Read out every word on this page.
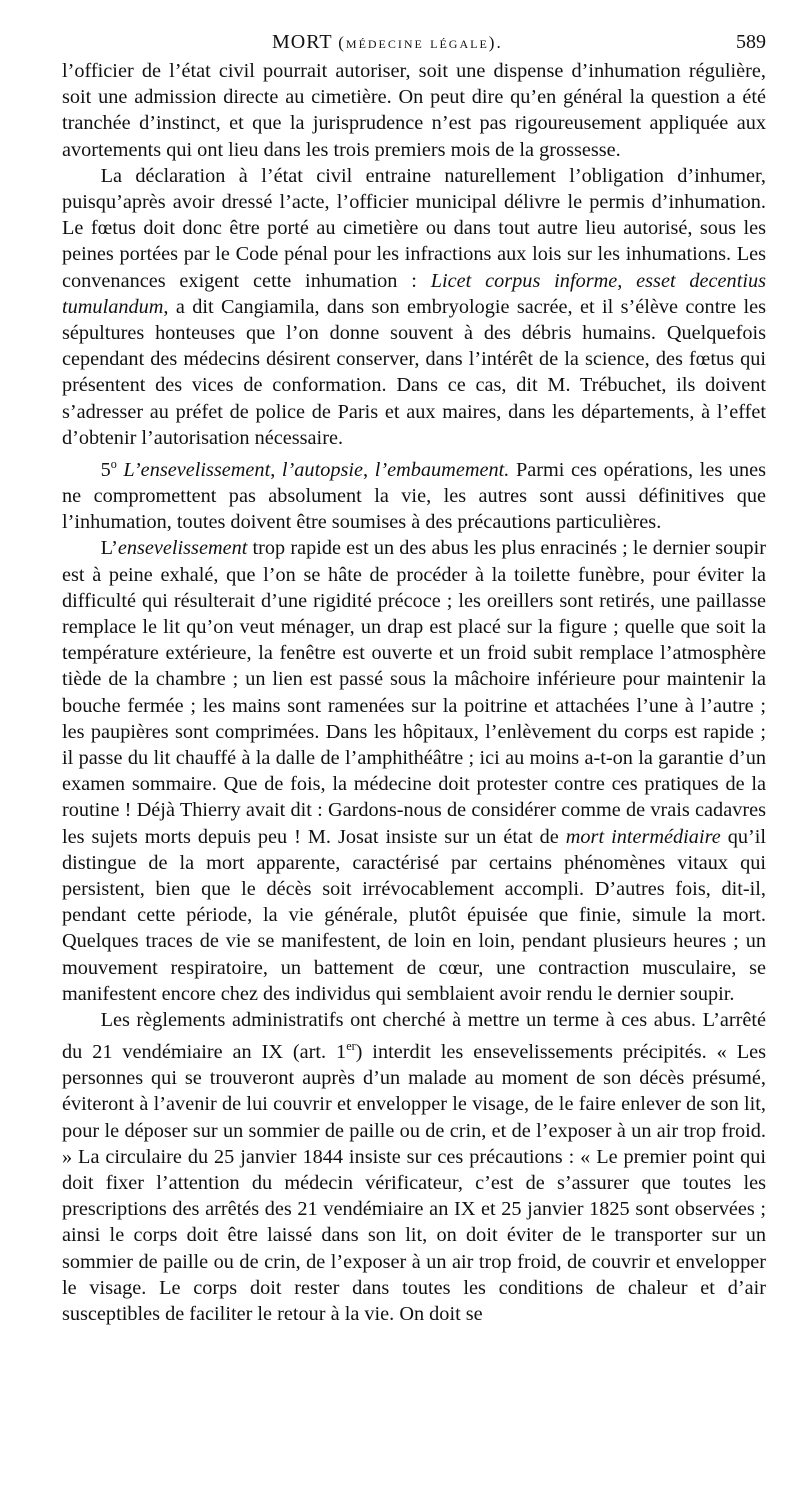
MORT (médecine légale).	589

l’officier de l’état civil pourrait autoriser, soit une dispense d’inhumation régulière, soit une admission directe au cimetière. On peut dire qu’en général la question a été tranchée d’instinct, et que la jurisprudence n’est pas rigoureusement appliquée aux avortements qui ont lieu dans les trois premiers mois de la grossesse.

La déclaration à l’état civil entraine naturellement l’obligation d’inhumer, puisqu’après avoir dressé l’acte, l’officier municipal délivre le permis d’inhumation. Le fœtus doit donc être porté au cimetière ou dans tout autre lieu autorisé, sous les peines portées par le Code pénal pour les infractions aux lois sur les inhumations. Les convenances exigent cette inhumation : Licet corpus informe, esset decentius tumulandum, a dit Cangiamila, dans son embryologie sacrée, et il s’élève contre les sépultures honteuses que l’on donne souvent à des débris humains. Quelquefois cependant des médecins désirent conserver, dans l’intérêt de la science, des fœtus qui présentent des vices de conformation. Dans ce cas, dit M. Trébuchet, ils doivent s’adresser au préfet de police de Paris et aux maires, dans les départements, à l’effet d’obtenir l’autorisation nécessaire.

5$^o$ L’ensevelissement, l’autopsie, l’embaumement. Parmi ces opérations, les unes ne compromettent pas absolument la vie, les autres sont aussi définitives que l’inhumation, toutes doivent être soumises à des précautions particulières.

L’ensevelissement trop rapide est un des abus les plus enracinés ; le dernier soupir est à peine exhalé, que l’on se hâte de procéder à la toilette funèbre, pour éviter la difficulté qui résulterait d’une rigidité précoce ; les oreillers sont retirés, une paillasse remplace le lit qu’on veut ménager, un drap est placé sur la figure ; quelle que soit la température extérieure, la fenêtre est ouverte et un froid subit remplace l’atmosphère tiède de la chambre ; un lien est passé sous la mâchoire inférieure pour maintenir la bouche fermée ; les mains sont ramenées sur la poitrine et attachées l’une à l’autre ; les paupières sont comprimées. Dans les hôpitaux, l’enlèvement du corps est rapide ; il passe du lit chauffé à la dalle de l’amphithéâtre ; ici au moins a-t-on la garantie d’un examen sommaire. Que de fois, la médecine doit protester contre ces pratiques de la routine ! Déjà Thierry avait dit : Gardons-nous de considérer comme de vrais cadavres les sujets morts depuis peu ! M. Josat insiste sur un état de mort intermédiaire qu’il distingue de la mort apparente, caractérisé par certains phénomènes vitaux qui persistent, bien que le décès soit irrévocablement accompli. D’autres fois, dit-il, pendant cette période, la vie générale, plutôt épuisée que finie, simule la mort. Quelques traces de vie se manifestent, de loin en loin, pendant plusieurs heures ; un mouvement respiratoire, un battement de cœur, une contraction musculaire, se manifestent encore chez des individus qui semblaient avoir rendu le dernier soupir.

Les règlements administratifs ont cherché à mettre un terme à ces abus. L’arrêté du 21 vendémiaire an IX (art. 1er) interdit les ensevelissements précipités. « Les personnes qui se trouveront auprès d’un malade au moment de son décès présumé, éviteront à l’avenir de lui couvrir et envelopper le visage, de le faire enlever de son lit, pour le déposer sur un sommier de paille ou de crin, et de l’exposer à un air trop froid. » La circulaire du 25 janvier 1844 insiste sur ces précautions : « Le premier point qui doit fixer l’attention du médecin vérificateur, c’est de s’assurer que toutes les prescriptions des arrêtés des 21 vendémiaire an IX et 25 janvier 1825 sont observées ; ainsi le corps doit être laissé dans son lit, on doit éviter de le transporter sur un sommier de paille ou de crin, de l’exposer à un air trop froid, de couvrir et envelopper le visage. Le corps doit rester dans toutes les conditions de chaleur et d’air susceptibles de faciliter le retour à la vie. On doit se
